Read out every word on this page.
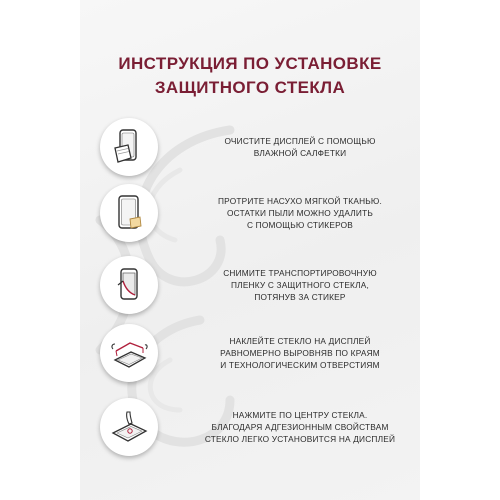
ИНСТРУКЦИЯ ПО УСТАНОВКЕ
ЗАЩИТНОГО СТЕКЛА
ОЧИСТИТЕ ДИСПЛЕЙ С ПОМОЩЬЮ
ВЛАЖНОЙ САЛФЕТКИ
ПРОТРИТЕ НАСУХО МЯГКОЙ ТКАНЬЮ.
ОСТАТКИ ПЫЛИ МОЖНО УДАЛИТЬ
С ПОМОЩЬЮ СТИКЕРОВ
СНИМИТЕ ТРАНСПОРТИРОВОЧНУЮ
ПЛЕНКУ С ЗАЩИТНОГО СТЕКЛА,
ПОТЯНУВ ЗА СТИКЕР
НАКЛЕЙТЕ СТЕКЛО НА ДИСПЛЕЙ
РАВНОМЕРНО ВЫРОВНЯВ ПО КРАЯМ
И ТЕХНОЛОГИЧЕСКИМ ОТВЕРСТИЯМ
НАЖМИТЕ ПО ЦЕНТРУ СТЕКЛА.
БЛАГОДАРЯ АДГЕЗИОННЫМ СВОЙСТВАМ
СТЕКЛО ЛЕГКО УСТАНОВИТСЯ НА ДИСПЛЕЙ
